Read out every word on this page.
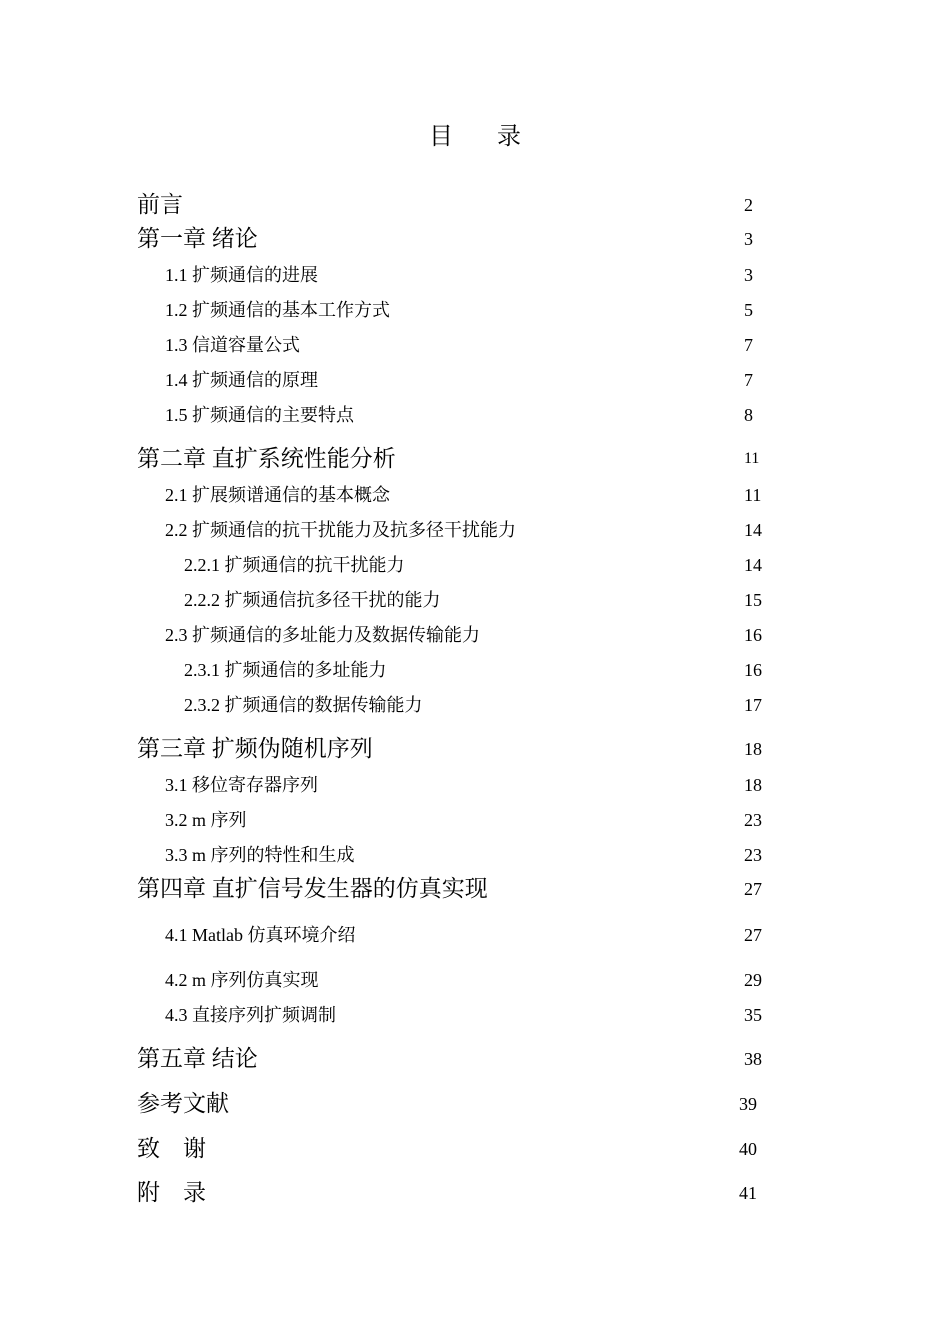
目 录
前言	2
第一章 绪论	3
1.1 扩频通信的进展	3
1.2 扩频通信的基本工作方式	5
1.3 信道容量公式	7
1.4 扩频通信的原理	7
1.5 扩频通信的主要特点	8
第二章 直扩系统性能分析	11
2.1 扩展频谱通信的基本概念	11
2.2 扩频通信的抗干扰能力及抗多径干扰能力	14
2.2.1 扩频通信的抗干扰能力	14
2.2.2 扩频通信抗多径干扰的能力	15
2.3 扩频通信的多址能力及数据传输能力	16
2.3.1 扩频通信的多址能力	16
2.3.2 扩频通信的数据传输能力	17
第三章 扩频伪随机序列	18
3.1 移位寄存器序列	18
3.2 m 序列	23
3.3 m 序列的特性和生成	23
第四章 直扩信号发生器的仿真实现	27
4.1 Matlab 仿真环境介绍	27
4.2 m 序列仿真实现	29
4.3 直接序列扩频调制	35
第五章 结论	38
参考文献	39
致    谢	40
附    录	41
